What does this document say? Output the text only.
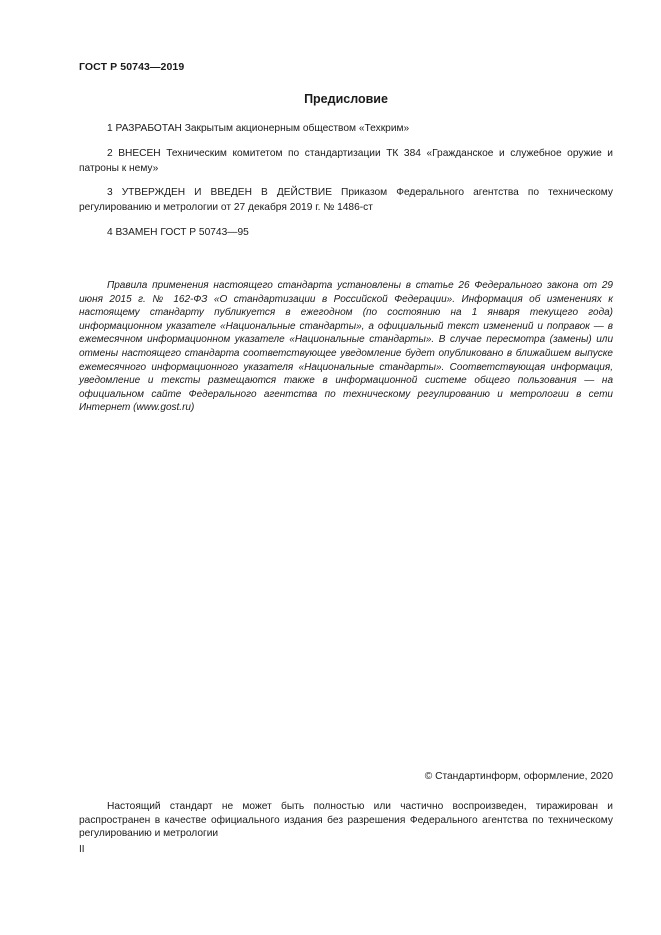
ГОСТ Р 50743—2019
Предисловие

1 РАЗРАБОТАН Закрытым акционерным обществом «Техкрим»

2 ВНЕСЕН Техническим комитетом по стандартизации ТК 384 «Гражданское и служебное оружие и патроны к нему»

3 УТВЕРЖДЕН И ВВЕДЕН В ДЕЙСТВИЕ Приказом Федерального агентства по техническому регулированию и метрологии от 27 декабря 2019 г. № 1486-ст

4 ВЗАМЕН ГОСТ Р 50743—95

Правила применения настоящего стандарта установлены в статье 26 Федерального закона от 29 июня 2015 г. № 162-ФЗ «О стандартизации в Российской Федерации». Информация об изменениях к настоящему стандарту публикуется в ежегодном (по состоянию на 1 января текущего года) информационном указателе «Национальные стандарты», а официальный текст изменений и поправок — в ежемесячном информационном указателе «Национальные стандарты». В случае пересмотра (замены) или отмены настоящего стандарта соответствующее уведомление будет опубликовано в ближайшем выпуске ежемесячного информационного указателя «Национальные стандарты». Соответствующая информация, уведомление и тексты размещаются также в информационной системе общего пользования — на официальном сайте Федерального агентства по техническому регулированию и метрологии в сети Интернет (www.gost.ru)
© Стандартинформ, оформление, 2020
Настоящий стандарт не может быть полностью или частично воспроизведен, тиражирован и распространен в качестве официального издания без разрешения Федерального агентства по техническому регулированию и метрологии
II
